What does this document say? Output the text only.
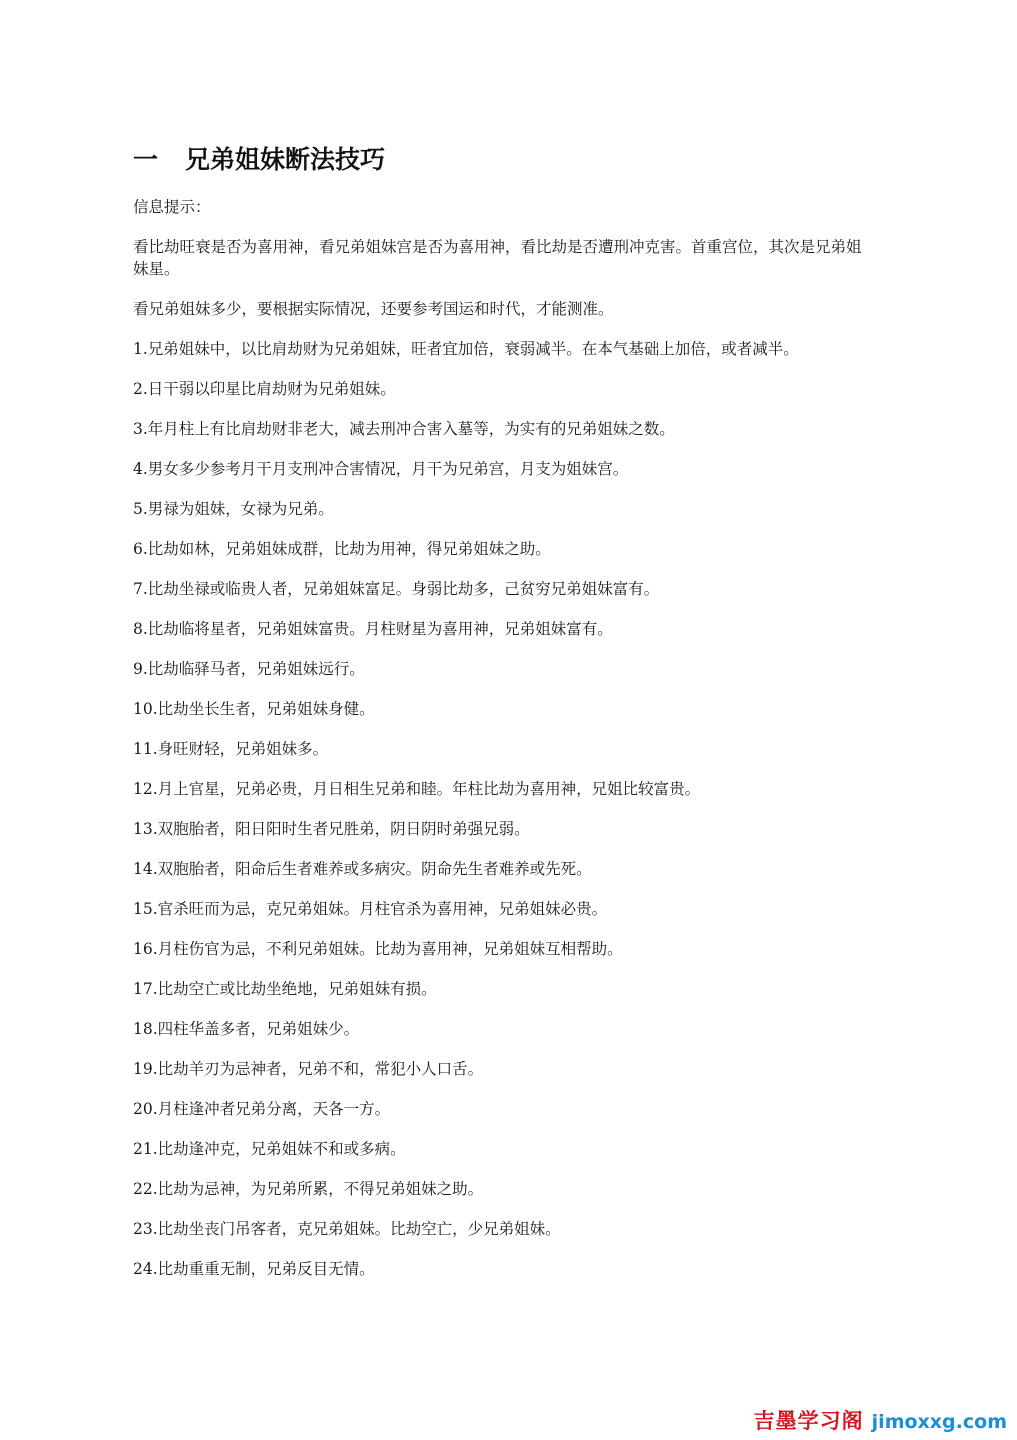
一 兄弟姐妹断法技巧

信息提示：

看比劫旺衰是否为喜用神，看兄弟姐妹宫是否为喜用神，看比劫是否遭刑冲克害。首重宫位，其次是兄弟姐妹星。

看兄弟姐妹多少，要根据实际情况，还要参考国运和时代，才能测准。

1.兄弟姐妹中，以比肩劫财为兄弟姐妹，旺者宜加倍，衰弱减半。在本气基础上加倍，或者减半。

2.日干弱以印星比肩劫财为兄弟姐妹。

3.年月柱上有比肩劫财非老大，减去刑冲合害入墓等，为实有的兄弟姐妹之数。

4.男女多少参考月干月支刑冲合害情况，月干为兄弟宫，月支为姐妹宫。

5.男禄为姐妹，女禄为兄弟。

6.比劫如林，兄弟姐妹成群，比劫为用神，得兄弟姐妹之助。

7.比劫坐禄或临贵人者，兄弟姐妹富足。身弱比劫多，己贫穷兄弟姐妹富有。

8.比劫临将星者，兄弟姐妹富贵。月柱财星为喜用神，兄弟姐妹富有。

9.比劫临驿马者，兄弟姐妹远行。

10.比劫坐长生者，兄弟姐妹身健。

11.身旺财轻，兄弟姐妹多。

12.月上官星，兄弟必贵，月日相生兄弟和睦。年柱比劫为喜用神，兄姐比较富贵。

13.双胞胎者，阳日阳时生者兄胜弟，阴日阴时弟强兄弱。

14.双胞胎者，阳命后生者难养或多病灾。阴命先生者难养或先死。

15.官杀旺而为忌，克兄弟姐妹。月柱官杀为喜用神，兄弟姐妹必贵。

16.月柱伤官为忌，不利兄弟姐妹。比劫为喜用神，兄弟姐妹互相帮助。

17.比劫空亡或比劫坐绝地，兄弟姐妹有损。

18.四柱华盖多者，兄弟姐妹少。

19.比劫羊刃为忌神者，兄弟不和，常犯小人口舌。

20.月柱逢冲者兄弟分离，天各一方。

21.比劫逢冲克，兄弟姐妹不和或多病。

22.比劫为忌神，为兄弟所累，不得兄弟姐妹之助。

23.比劫坐丧门吊客者，克兄弟姐妹。比劫空亡，少兄弟姐妹。

24.比劫重重无制，兄弟反目无情。

吉墨学习阁 jimoxxg.com
